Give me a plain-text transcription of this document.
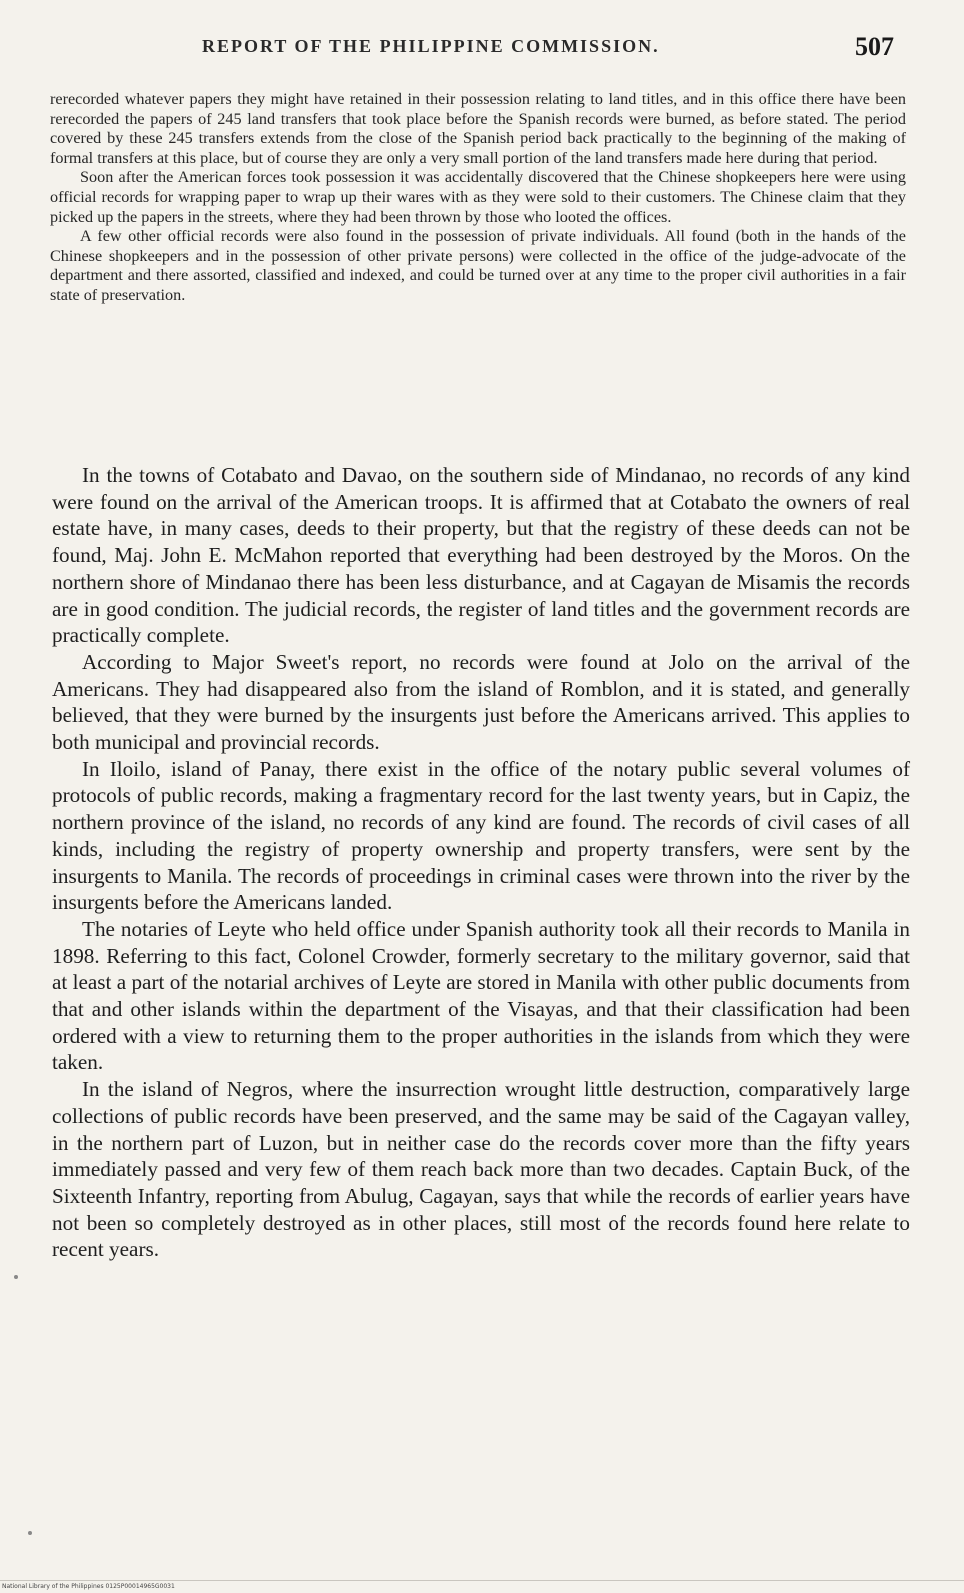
REPORT OF THE PHILIPPINE COMMISSION.	507

rerecorded whatever papers they might have retained in their possession relating to land titles, and in this office there have been rerecorded the papers of 245 land transfers that took place before the Spanish records were burned, as before stated. The period covered by these 245 transfers extends from the close of the Spanish period back practically to the beginning of the making of formal transfers at this place, but of course they are only a very small portion of the land transfers made here during that period.

Soon after the American forces took possession it was accidentally discovered that the Chinese shopkeepers here were using official records for wrapping paper to wrap up their wares with as they were sold to their customers. The Chinese claim that they picked up the papers in the streets, where they had been thrown by those who looted the offices.

A few other official records were also found in the possession of private individuals. All found (both in the hands of the Chinese shopkeepers and in the possession of other private persons) were collected in the office of the judge-advocate of the department and there assorted, classified and indexed, and could be turned over at any time to the proper civil authorities in a fair state of preservation.

In the towns of Cotabato and Davao, on the southern side of Mindanao, no records of any kind were found on the arrival of the American troops. It is affirmed that at Cotabato the owners of real estate have, in many cases, deeds to their property, but that the registry of these deeds can not be found, Maj. John E. McMahon reported that everything had been destroyed by the Moros. On the northern shore of Mindanao there has been less disturbance, and at Cagayan de Misamis the records are in good condition. The judicial records, the register of land titles and the government records are practically complete.

According to Major Sweet's report, no records were found at Jolo on the arrival of the Americans. They had disappeared also from the island of Romblon, and it is stated, and generally believed, that they were burned by the insurgents just before the Americans arrived. This applies to both municipal and provincial records.

In Iloilo, island of Panay, there exist in the office of the notary public several volumes of protocols of public records, making a fragmentary record for the last twenty years, but in Capiz, the northern province of the island, no records of any kind are found. The records of civil cases of all kinds, including the registry of property ownership and property transfers, were sent by the insurgents to Manila. The records of proceedings in criminal cases were thrown into the river by the insurgents before the Americans landed.

The notaries of Leyte who held office under Spanish authority took all their records to Manila in 1898. Referring to this fact, Colonel Crowder, formerly secretary to the military governor, said that at least a part of the notarial archives of Leyte are stored in Manila with other public documents from that and other islands within the department of the Visayas, and that their classification had been ordered with a view to returning them to the proper authorities in the islands from which they were taken.

In the island of Negros, where the insurrection wrought little destruction, comparatively large collections of public records have been preserved, and the same may be said of the Cagayan valley, in the northern part of Luzon, but in neither case do the records cover more than the fifty years immediately passed and very few of them reach back more than two decades. Captain Buck, of the Sixteenth Infantry, reporting from Abulug, Cagayan, says that while the records of earlier years have not been so completely destroyed as in other places, still most of the records found here relate to recent years.

National Library of the Philippines 0125P00014965G0031
